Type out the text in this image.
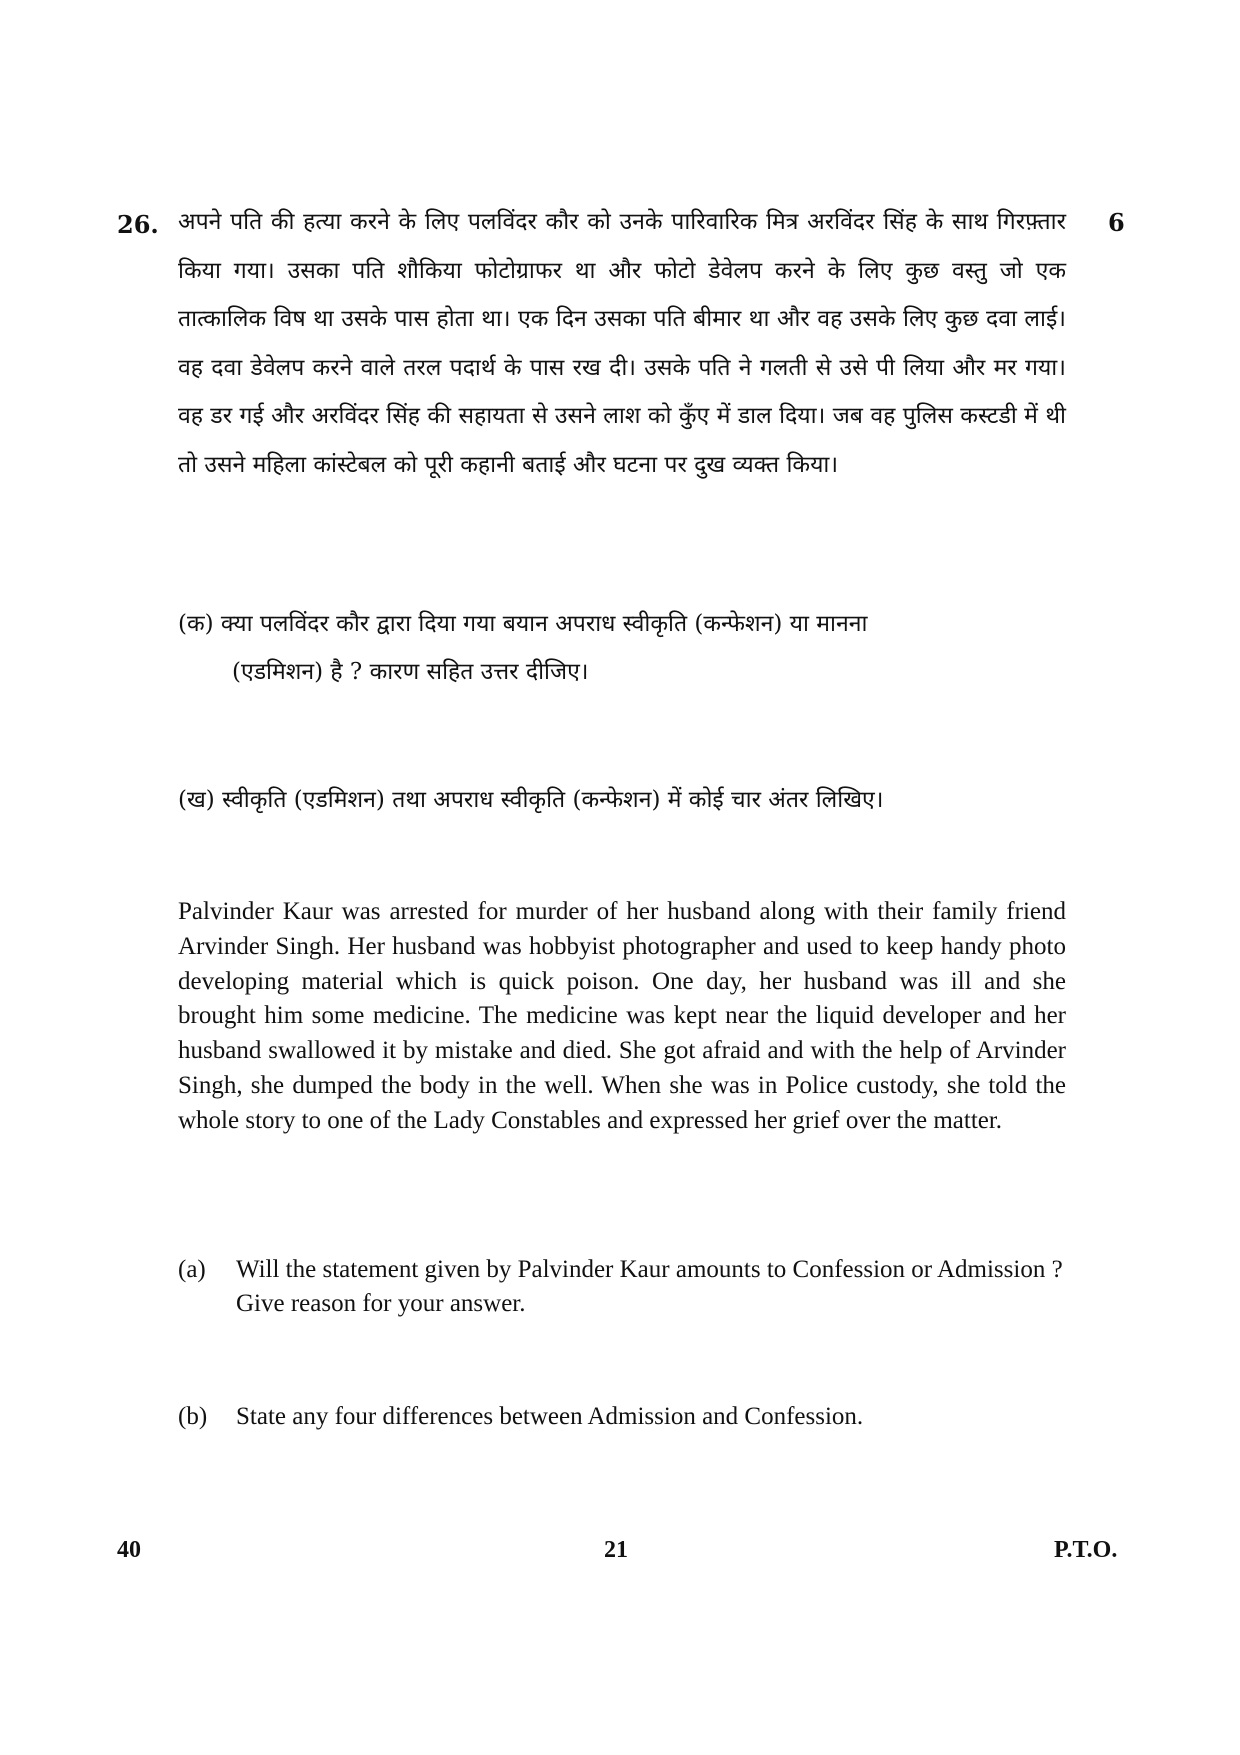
26.	6
अपने पति की हत्या करने के लिए पलविंदर कौर को उनके पारिवारिक मित्र अरविंदर सिंह के साथ गिरफ़्तार किया गया। उसका पति शौकिया फोटोग्राफर था और फोटो डेवेलप करने के लिए कुछ वस्तु जो एक तात्कालिक विष था उसके पास होता था। एक दिन उसका पति बीमार था और वह उसके लिए कुछ दवा लाई। वह दवा डेवेलप करने वाले तरल पदार्थ के पास रख दी। उसके पति ने गलती से उसे पी लिया और मर गया। वह डर गई और अरविंदर सिंह की सहायता से उसने लाश को कुँए में डाल दिया। जब वह पुलिस कस्टडी में थी तो उसने महिला कांस्टेबल को पूरी कहानी बताई और घटना पर दुख व्यक्त किया।
(क) क्या पलविंदर कौर द्वारा दिया गया बयान अपराध स्वीकृति (कन्फेशन) या मानना
(एडमिशन) है ? कारण सहित उत्तर दीजिए।
(ख) स्वीकृति (एडमिशन) तथा अपराध स्वीकृति (कन्फेशन) में कोई चार अंतर लिखिए।
Palvinder Kaur was arrested for murder of her husband along with their family friend Arvinder Singh. Her husband was hobbyist photographer and used to keep handy photo developing material which is quick poison. One day, her husband was ill and she brought him some medicine. The medicine was kept near the liquid developer and her husband swallowed it by mistake and died. She got afraid and with the help of Arvinder Singh, she dumped the body in the well. When she was in Police custody, she told the whole story to one of the Lady Constables and expressed her grief over the matter.
(a)	Will the statement given by Palvinder Kaur amounts to Confession or Admission ? Give reason for your answer.
(b)	State any four differences between Admission and Confession.
40	21	P.T.O.
